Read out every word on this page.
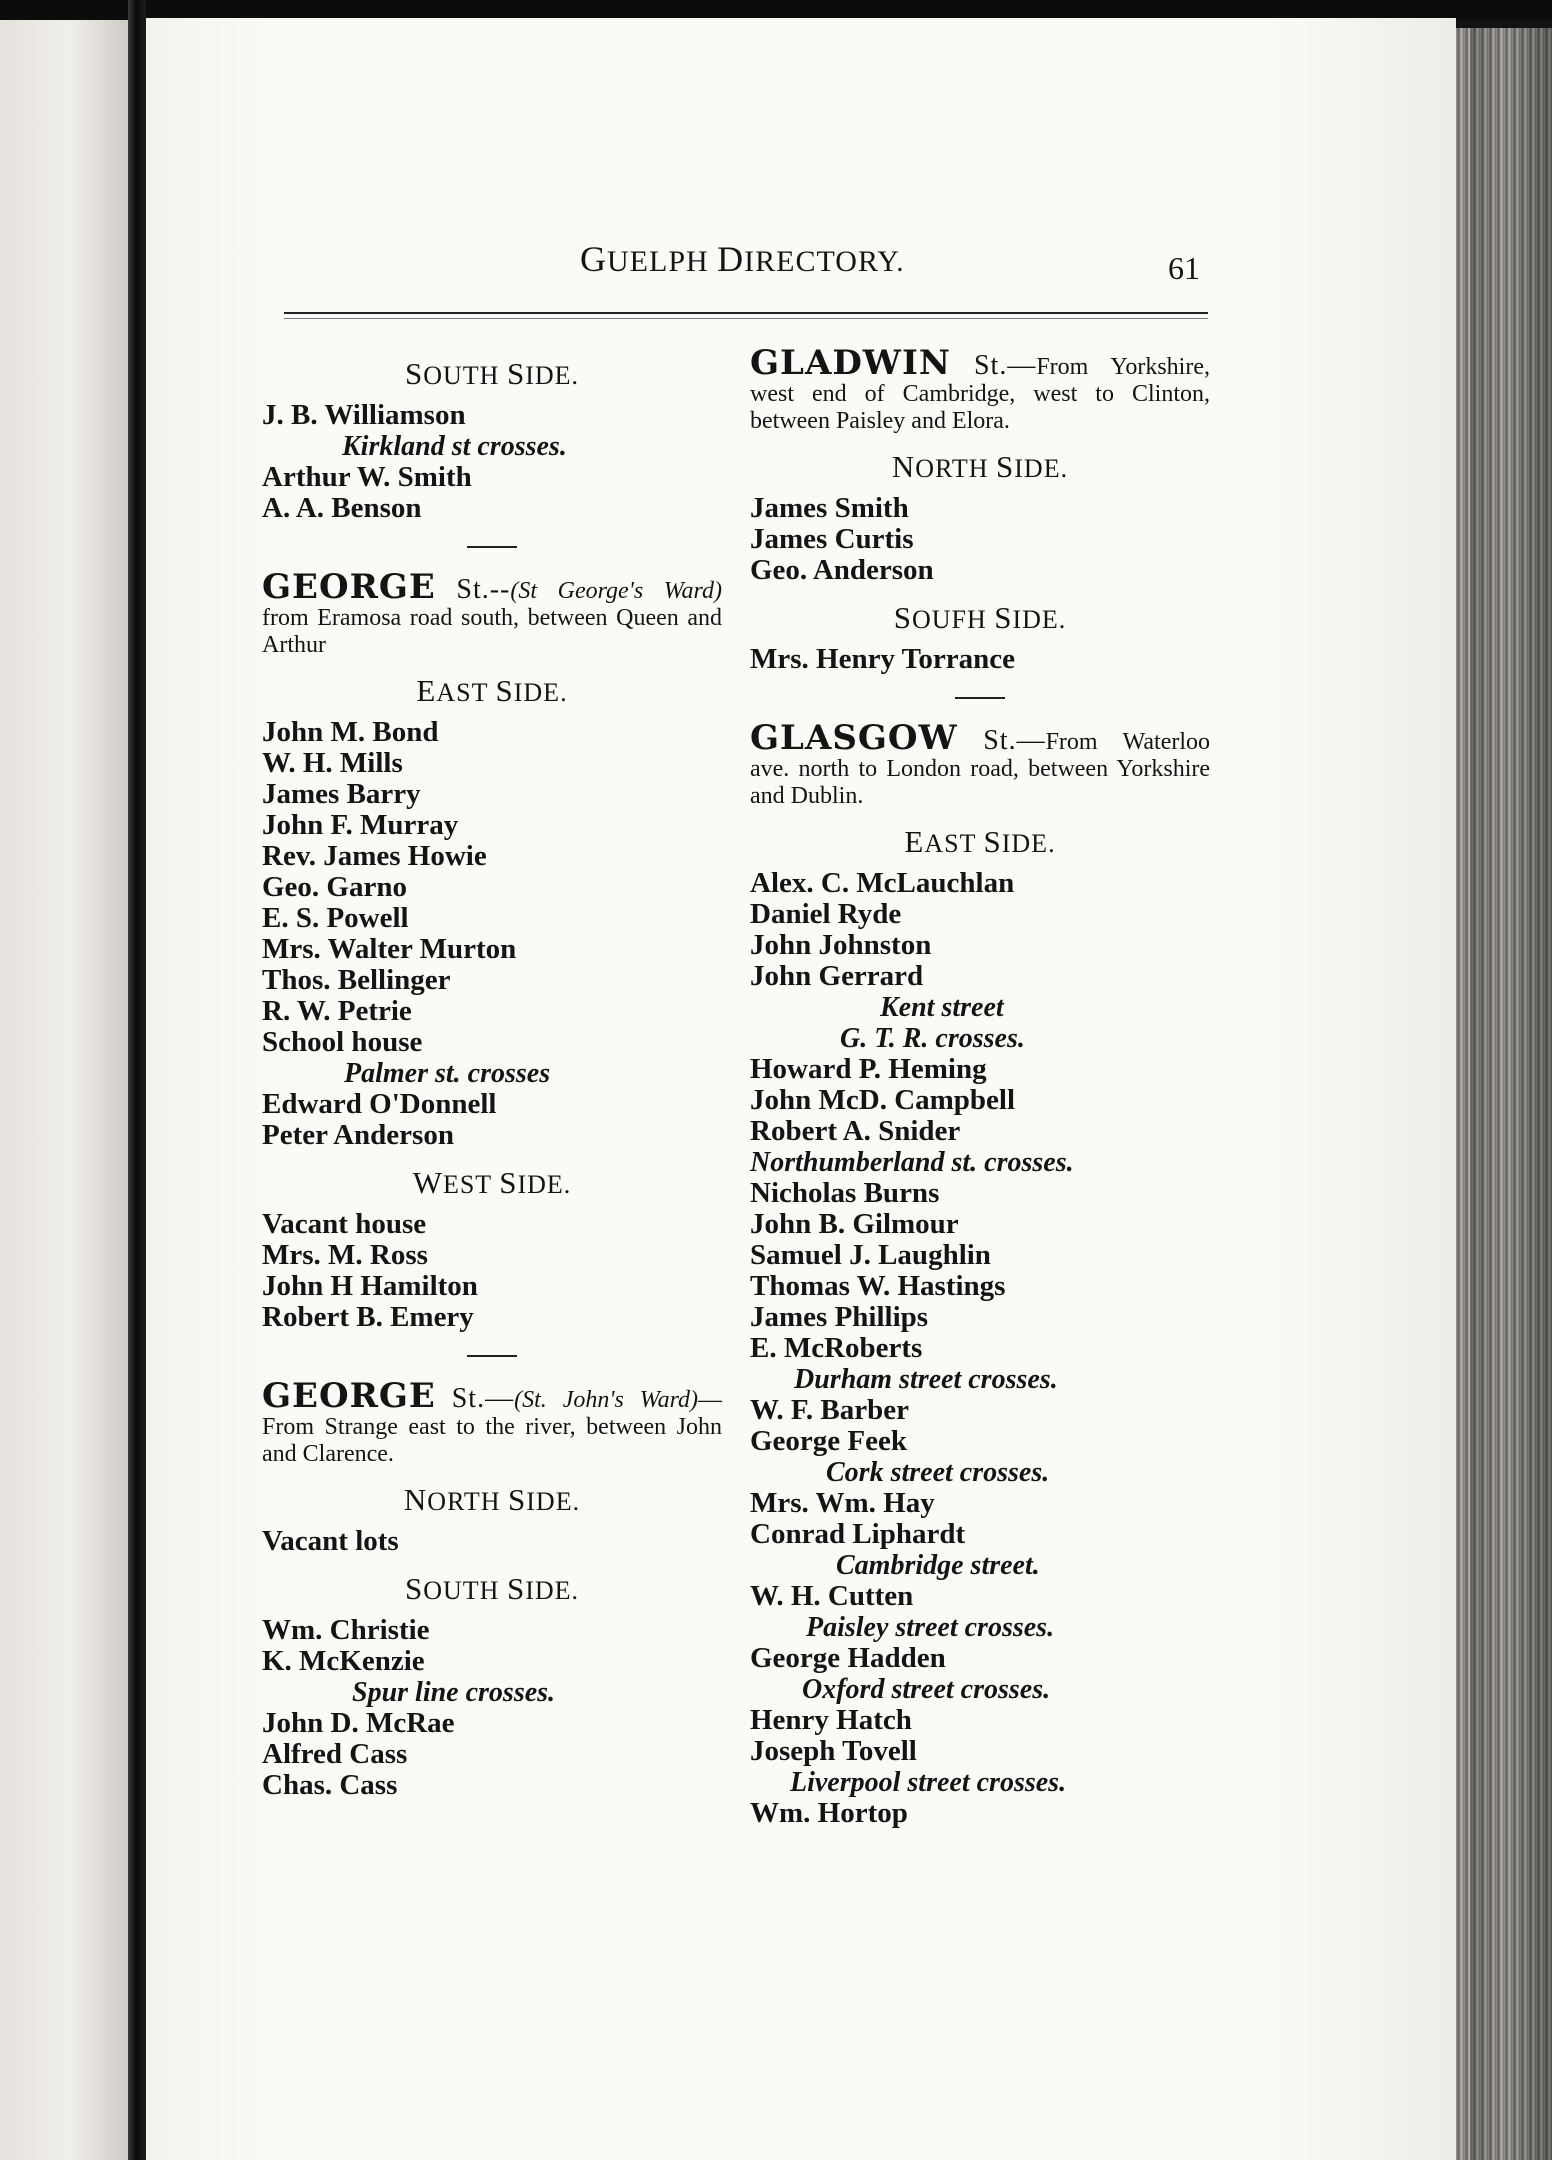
GUELPH DIRECTORY.	61
SOUTH SIDE.
J. B. Williamson
Kirkland st crosses.
Arthur W. Smith
A. A. Benson
GEORGE St.--(St George's Ward) from Eramosa road south, between Queen and Arthur
EAST SIDE.
John M. Bond
W. H. Mills
James Barry
John F. Murray
Rev. James Howie
Geo. Garno
E. S. Powell
Mrs. Walter Murton
Thos. Bellinger
R. W. Petrie
School house
Palmer st. crosses
Edward O'Donnell
Peter Anderson
WEST SIDE.
Vacant house
Mrs. M. Ross
John H Hamilton
Robert B. Emery
GEORGE St.—(St. John's Ward)—From Strange east to the river, between John and Clarence.
NORTH SIDE.
Vacant lots
SOUTH SIDE.
Wm. Christie
K. McKenzie
Spur line crosses.
John D. McRae
Alfred Cass
Chas. Cass
GLADWIN St.—From Yorkshire, west end of Cambridge, west to Clinton, between Paisley and Elora.
NORTH SIDE.
James Smith
James Curtis
Geo. Anderson
SOUFH SIDE.
Mrs. Henry Torrance
GLASGOW St.—From Waterloo ave. north to London road, between Yorkshire and Dublin.
EAST SIDE.
Alex. C. McLauchlan
Daniel Ryde
John Johnston
John Gerrard
Kent street
G. T. R. crosses.
Howard P. Heming
John McD. Campbell
Robert A. Snider
Northumberland st. crosses.
Nicholas Burns
John B. Gilmour
Samuel J. Laughlin
Thomas W. Hastings
James Phillips
E. McRoberts
Durham street crosses.
W. F. Barber
George Feek
Cork street crosses.
Mrs. Wm. Hay
Conrad Liphardt
Cambridge street.
W. H. Cutten
Paisley street crosses.
George Hadden
Oxford street crosses.
Henry Hatch
Joseph Tovell
Liverpool street crosses.
Wm. Hortop
